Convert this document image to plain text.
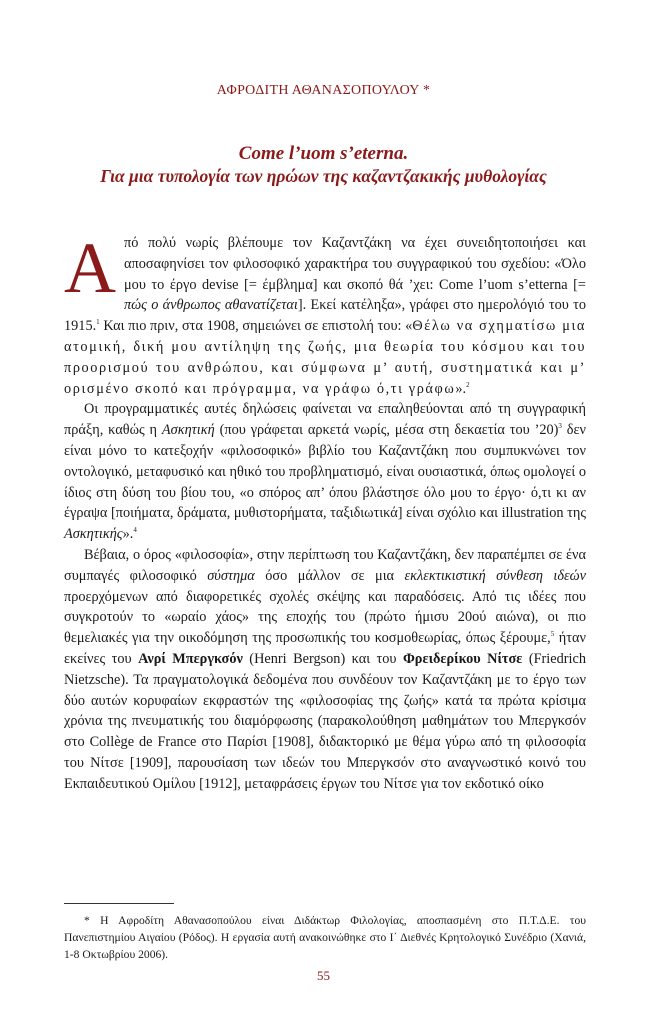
ΑΦΡΟΔΙΤΗ ΑΘΑΝΑΣΟΠΟΥΛΟΥ *
Come l’uom s’eterna.
Για μια τυπολογία των ηρώων της καζαντζακικής μυθολογίας

Από πολύ νωρίς βλέπουμε τον Καζαντζάκη να έχει συνειδητοποιήσει και αποσαφηνίσει τον φιλοσοφικό χαρακτήρα του συγγραφικού του σχεδίου: «Όλο μου το έργο devise [= έμβλημα] και σκοπό θά ’χει: Come l’uom s’etterna [= πώς ο άνθρωπος αθανατίζεται]. Εκεί κατέληξα», γράφει στο ημερολόγιό του το 1915.$^1$ Και πιο πριν, στα 1908, σημειώνει σε επιστολή του: «Θέλω να σχηματίσω μια ατομική, δική μου αντίληψη της ζωής, μια θεωρία του κόσμου και του προορισμού του ανθρώπου, και σύμφωνα μ’ αυτή, συστηματικά και μ’ ορισμένο σκοπό και πρόγραμμα, να γράφω ό,τι γράφω».$^2$

Οι προγραμματικές αυτές δηλώσεις φαίνεται να επαληθεύονται από τη συγγραφική πράξη, καθώς η Ασκητική (που γράφεται αρκετά νωρίς, μέσα στη δεκαετία του ’20)$^3$ δεν είναι μόνο το κατεξοχήν «φιλοσοφικό» βιβλίο του Καζαντζάκη που συμπυκνώνει τον οντολογικό, μεταφυσικό και ηθικό του προβληματισμό, είναι ουσιαστικά, όπως ομολογεί ο ίδιος στη δύση του βίου του, «ο σπόρος απ’ όπου βλάστησε όλο μου το έργο· ό,τι κι αν έγραψα [ποιήματα, δράματα, μυθιστορήματα, ταξιδιωτικά] είναι σχόλιο και illustration της Ασκητικής».$^4$

Βέβαια, ο όρος «φιλοσοφία», στην περίπτωση του Καζαντζάκη, δεν παραπέμπει σε ένα συμπαγές φιλοσοφικό σύστημα όσο μάλλον σε μια εκλεκτικιστική σύνθεση ιδεών προερχόμενων από διαφορετικές σχολές σκέψης και παραδόσεις. Από τις ιδέες που συγκροτούν το «ωραίο χάος» της εποχής του (πρώτο ήμισυ 20ού αιώνα), οι πιο θεμελιακές για την οικοδόμηση της προσωπικής του κοσμοθεωρίας, όπως ξέρουμε,$^5$ ήταν εκείνες του Ανρί Μπεργκσόν (Henri Bergson) και του Φρειδερίκου Νίτσε (Friedrich Nietzsche). Τα πραγματολογικά δεδομένα που συνδέουν τον Καζαντζάκη με το έργο των δύο αυτών κορυφαίων εκφραστών της «φιλοσοφίας της ζωής» κατά τα πρώτα κρίσιμα χρόνια της πνευματικής του διαμόρφωσης (παρακολούθηση μαθημάτων του Μπεργκσόν στο Collège de France στο Παρίσι [1908], διδακτορικό με θέμα γύρω από τη φιλοσοφία του Νίτσε [1909], παρουσίαση των ιδεών του Μπεργκσόν στο αναγνωστικό κοινό του Εκπαιδευτικού Ομίλου [1912], μεταφράσεις έργων του Νίτσε για τον εκδοτικό οίκο

* Η Αφροδίτη Αθανασοπούλου είναι Διδάκτωρ Φιλολογίας, αποσπασμένη στο Π.Τ.Δ.Ε. του Πανεπιστημίου Αιγαίου (Ρόδος). Η εργασία αυτή ανακοινώθηκε στο Ι΄ Διεθνές Κρητολογικό Συνέδριο (Χανιά, 1-8 Οκτωβρίου 2006).

55
